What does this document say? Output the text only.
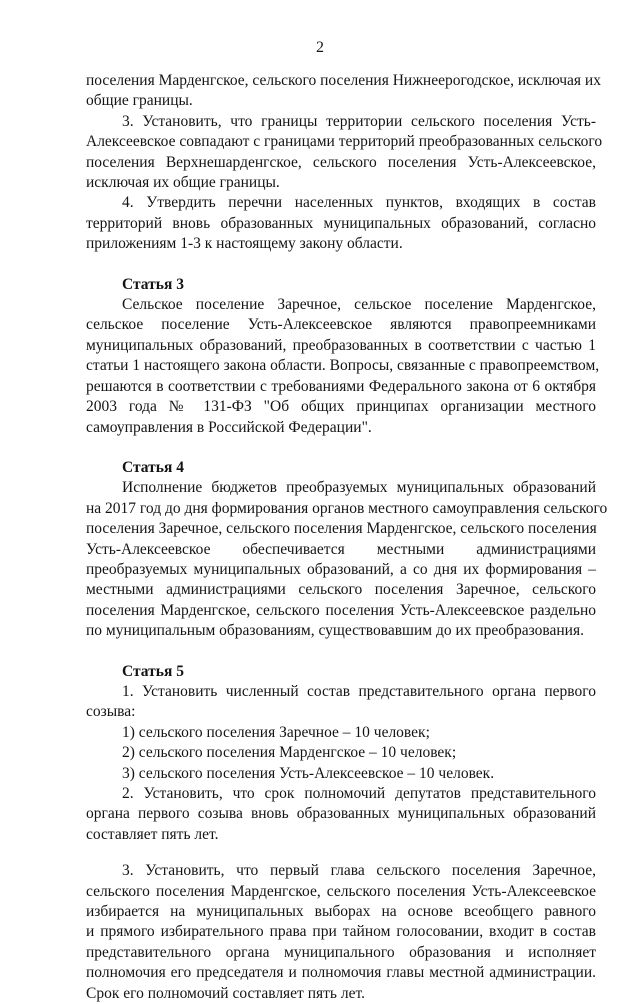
2
поселения Марденгское, сельского поселения Нижнеерогодское, исключая их
общие границы.
3. Установить, что границы территории сельского поселения Усть-
Алексеевское совпадают с границами территорий преобразованных сельского
поселения Верхнешарденгское, сельского поселения Усть-Алексеевское,
исключая их общие границы.
4. Утвердить перечни населенных пунктов, входящих в состав
территорий вновь образованных муниципальных образований, согласно
приложениям 1-3 к настоящему закону области.
Статья 3
Сельское поселение Заречное, сельское поселение Марденгское,
сельское поселение Усть-Алексеевское являются правопреемниками
муниципальных образований, преобразованных в соответствии с частью 1
статьи 1 настоящего закона области. Вопросы, связанные с правопреемством,
решаются в соответствии с требованиями Федерального закона от 6 октября
2003 года № 131-ФЗ "Об общих принципах организации местного
самоуправления в Российской Федерации".
Статья 4
Исполнение бюджетов преобразуемых муниципальных образований
на 2017 год до дня формирования органов местного самоуправления сельского
поселения Заречное, сельского поселения Марденгское, сельского поселения
Усть-Алексеевское обеспечивается местными администрациями
преобразуемых муниципальных образований, а со дня их формирования –
местными администрациями сельского поселения Заречное, сельского
поселения Марденгское, сельского поселения Усть-Алексеевское раздельно
по муниципальным образованиям, существовавшим до их преобразования.
Статья 5
1. Установить численный состав представительного органа первого
созыва:
1) сельского поселения Заречное – 10 человек;
2) сельского поселения Марденгское – 10 человек;
3) сельского поселения Усть-Алексеевское – 10 человек.
2. Установить, что срок полномочий депутатов представительного
органа первого созыва вновь образованных муниципальных образований
составляет пять лет.
3. Установить, что первый глава сельского поселения Заречное,
сельского поселения Марденгское, сельского поселения Усть-Алексеевское
избирается на муниципальных выборах на основе всеобщего равного
и прямого избирательного права при тайном голосовании, входит в состав
представительного органа муниципального образования и исполняет
полномочия его председателя и полномочия главы местной администрации.
Срок его полномочий составляет пять лет.
